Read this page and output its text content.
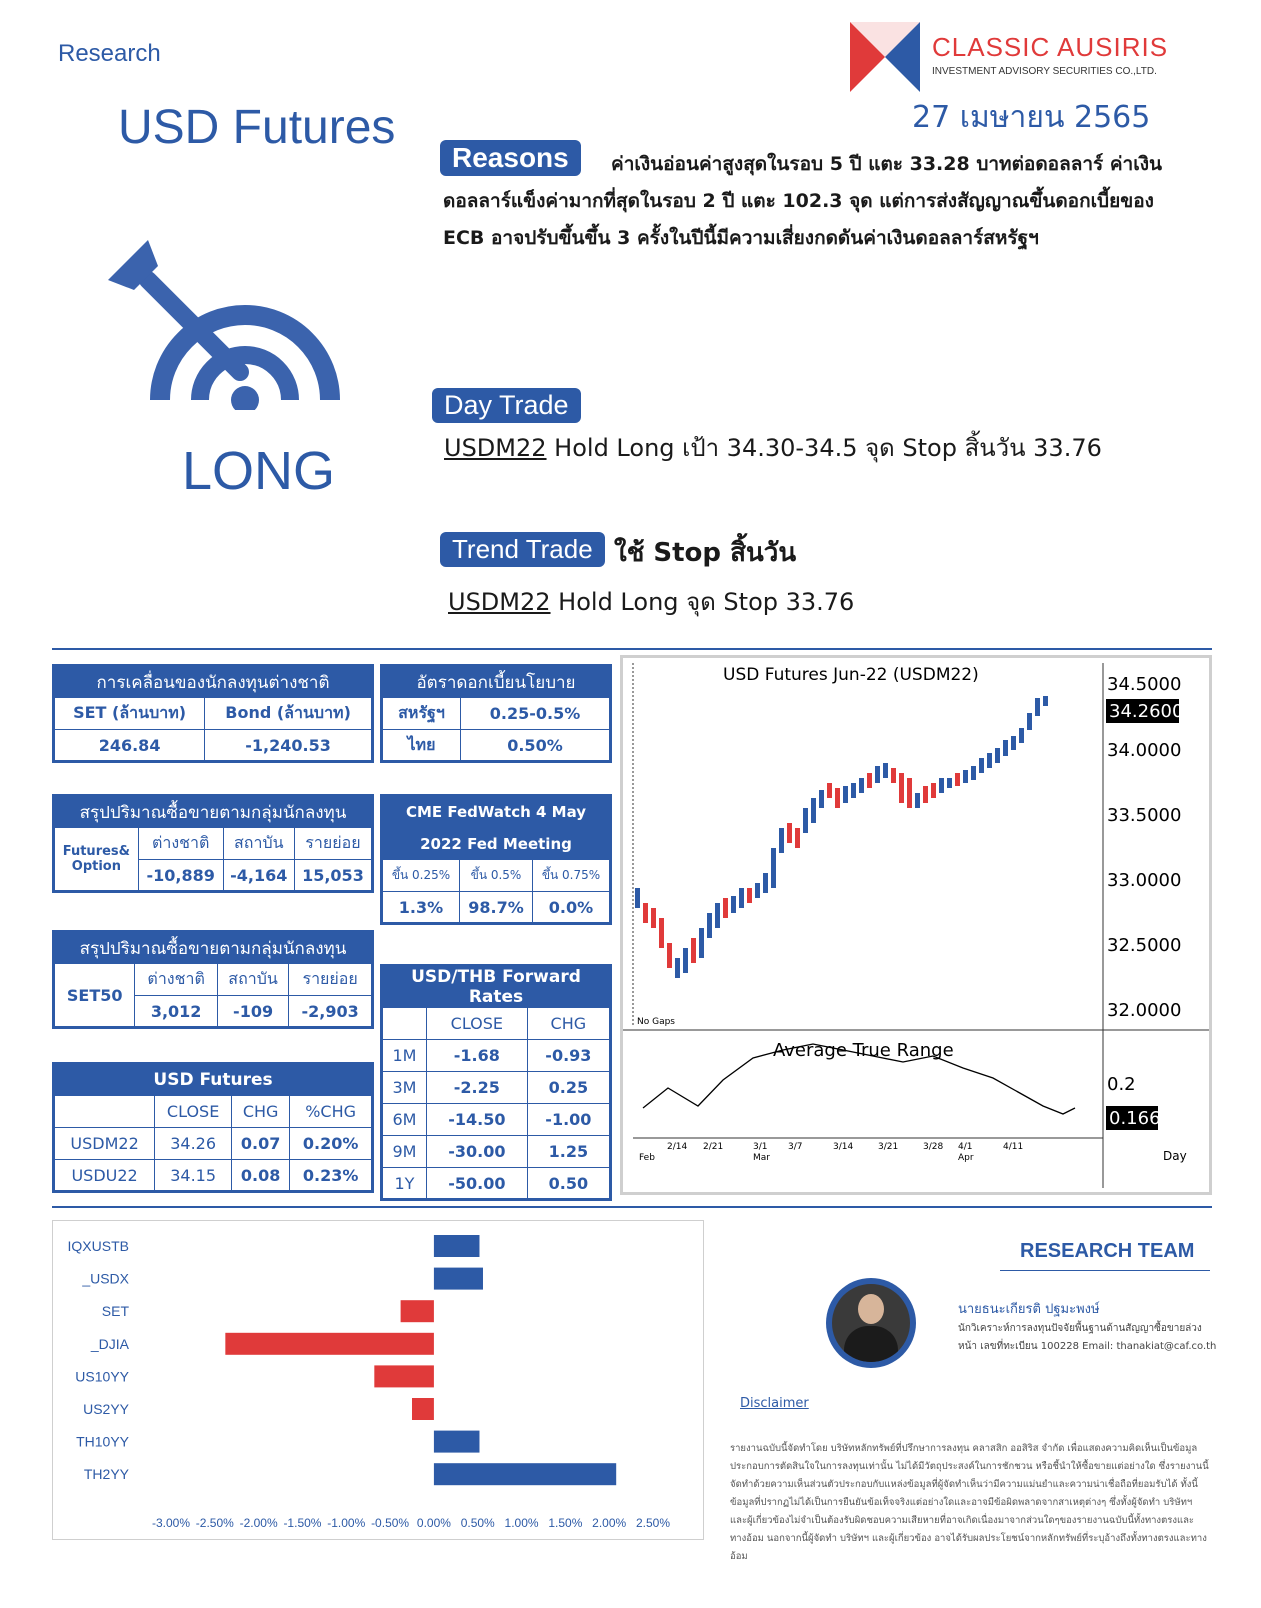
Research
USD Futures
CLASSIC AUSIRIS
INVESTMENT ADVISORY SECURITIES CO.,LTD.
27 เมษายน 2565
LONG
ค่าเงินอ่อนค่าสูงสุดในรอบ 5 ปี แตะ 33.28 บาทต่อดอลลาร์ ค่าเงินดอลลาร์แข็งค่ามากที่สุดในรอบ 2 ปี แตะ 102.3 จุด แต่การส่งสัญญาณขึ้นดอกเบี้ยของ ECB อาจปรับขึ้นขึ้น 3 ครั้งในปีนี้มีความเสี่ยงกดดันค่าเงินดอลลาร์สหรัฐฯ
Reasons
Day Trade
USDM22 Hold Long เป้า 34.30-34.5 จุด Stop สิ้นวัน 33.76
Trend Trade ใช้ Stop สิ้นวัน
USDM22 Hold Long จุด Stop 33.76
การเคลื่อนของนักลงทุนต่างชาติ	
SET (ล้านบาท)	Bond (ล้านบาท)
246.84	-1,240.53
อัตราดอกเบี้ยนโยบาย	
สหรัฐฯ	0.25-0.5%
ไทย	0.50%
สรุปปริมาณซื้อขายตามกลุ่มนักลงทุน			
Futures&
Option	ต่างชาติ	สถาบัน	รายย่อย
	-10,889	-4,164	15,053
CME FedWatch 4 May		
2022 Fed Meeting		
ขึ้น 0.25%	ขึ้น 0.5%	ขึ้น 0.75%
1.3%	98.7%	0.0%
สรุปปริมาณซื้อขายตามกลุ่มนักลงทุน			
SET50	ต่างชาติ	สถาบัน	รายย่อย
	3,012	-109	-2,903
USD/THB Forward Rates		
	CLOSE	CHG
1M	-1.68	-0.93
3M	-2.25	0.25
6M	-14.50	-1.00
9M	-30.00	1.25
1Y	-50.00	0.50
USD Futures			
	CLOSE	CHG	%CHG
USDM22	34.26	0.07	0.20%
USDU22	34.15	0.08	0.23%
USD Futures Jun-22 (USDM22)
No Gaps
34.5000
34.2600
34.0000
33.5000
33.0000
32.5000
32.0000
Average True Range
0.2
0.166
2/14 2/21	3/1 3/7	3/14	3/21	3/28 4/1	4/11
Feb	Mar	Apr	Day
IQXUSTB
_USDX
SET
_DJIA
US10YY
US2YY
TH10YY
TH2YY
-3.00% -2.50% -2.00% -1.50% -1.00% -0.50% 0.00% 0.50% 1.00% 1.50% 2.00% 2.50%
RESEARCH TEAM
นายธนะเกียรติ ปฐมะพงษ์
นักวิเคราะห์การลงทุนปัจจัยพื้นฐานด้านสัญญาซื้อขายล่วงหน้า เลขที่ทะเบียน 100228 Email: thanakiat@caf.co.th
Disclaimer
รายงานฉบับนี้จัดทำโดย บริษัทหลักทรัพย์ที่ปรึกษาการลงทุน คลาสสิก ออสิริส จำกัด เพื่อแสดงความคิดเห็นเป็นข้อมูลประกอบการตัดสินใจในการลงทุนเท่านั้น ไม่ได้มีวัตถุประสงค์ในการชักชวน หรือชี้นำให้ซื้อขายแต่อย่างใด ซึ่งรายงานนี้จัดทำด้วยความเห็นส่วนตัวประกอบกับแหล่งข้อมูลที่ผู้จัดทำเห็นว่ามีความแม่นยำและความน่าเชื่อถือที่ยอมรับได้ ทั้งนี้ข้อมูลที่ปรากฏไม่ได้เป็นการยืนยันข้อเท็จจริงแต่อย่างใดและอาจมีข้อผิดพลาดจากสาเหตุต่างๆ ซึ่งทั้งผู้จัดทำ บริษัทฯ และผู้เกี่ยวข้องไม่จำเป็นต้องรับผิดชอบความเสียหายที่อาจเกิดเนื่องมาจากส่วนใดๆของรายงานฉบับนี้ทั้งทางตรงและทางอ้อม นอกจากนี้ผู้จัดทำ บริษัทฯ และผู้เกี่ยวข้อง อาจได้รับผลประโยชน์จากหลักทรัพย์ที่ระบุอ้างถึงทั้งทางตรงและทางอ้อม
